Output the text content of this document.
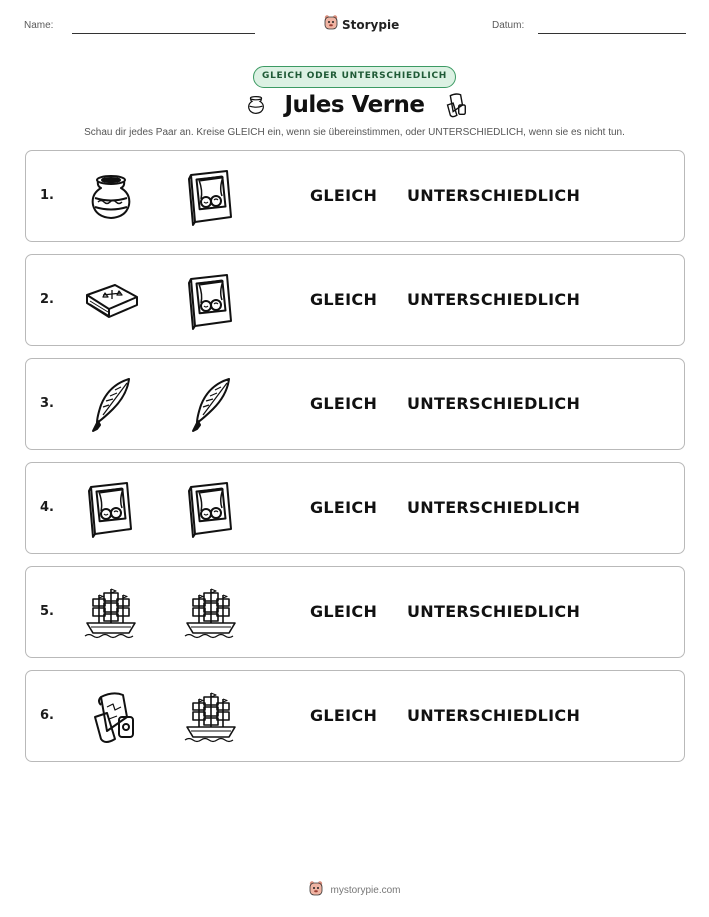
Name:	Storypie	Datum:
GLEICH ODER UNTERSCHIEDLICH
Jules Verne
Schau dir jedes Paar an. Kreise GLEICH ein, wenn sie übereinstimmen, oder UNTERSCHIEDLICH, wenn sie es nicht tun.
1.	GLEICH UNTERSCHIEDLICH
2.	GLEICH UNTERSCHIEDLICH
3.	GLEICH UNTERSCHIEDLICH
4.	GLEICH UNTERSCHIEDLICH
5.	GLEICH UNTERSCHIEDLICH
6.	GLEICH UNTERSCHIEDLICH
mystorypie.com
